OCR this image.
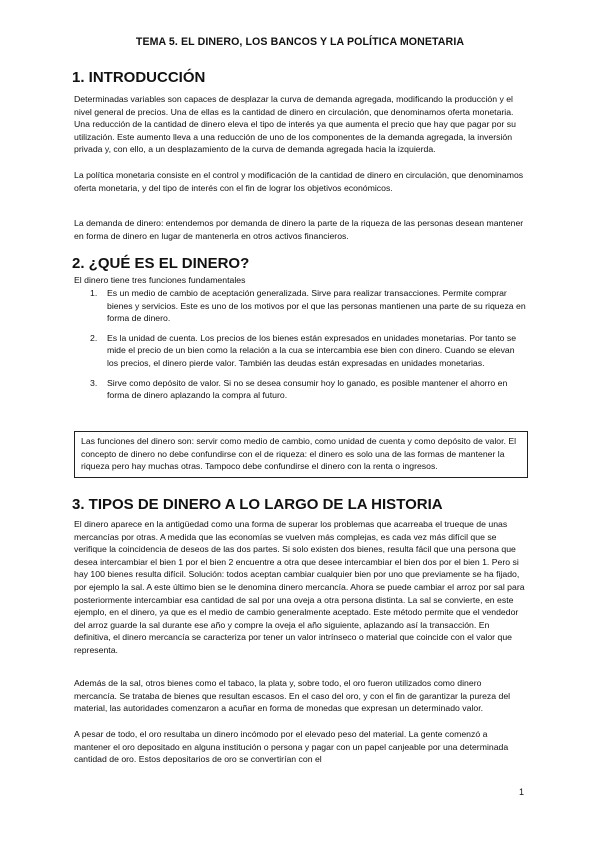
TEMA 5. EL DINERO, LOS BANCOS Y LA POLÍTICA MONETARIA
1. INTRODUCCIÓN

Determinadas variables son capaces de desplazar la curva de demanda agregada, modificando la producción y el nivel general de precios. Una de ellas es la cantidad de dinero en circulación, que denominamos oferta monetaria. Una reducción de la cantidad de dinero eleva el tipo de interés ya que aumenta el precio que hay que pagar por su utilización. Este aumento lleva a una reducción de uno de los componentes de la demanda agregada, la inversión privada y, con ello, a un desplazamiento de la curva de demanda agregada hacia la izquierda.

La política monetaria consiste en el control y modificación de la cantidad de dinero en circulación, que denominamos oferta monetaria, y del tipo de interés con el fin de lograr los objetivos económicos.

La demanda de dinero: entendemos por demanda de dinero la parte de la riqueza de las personas desean mantener en forma de dinero en lugar de mantenerla en otros activos financieros.

2. ¿QUÉ ES EL DINERO?

El dinero tiene tres funciones fundamentales

1. Es un medio de cambio de aceptación generalizada. Sirve para realizar transacciones. Permite comprar bienes y servicios. Este es uno de los motivos por el que las personas mantienen una parte de su riqueza en forma de dinero.
2. Es la unidad de cuenta. Los precios de los bienes están expresados en unidades monetarias. Por tanto se mide el precio de un bien como la relación a la cua se intercambia ese bien con dinero. Cuando se elevan los precios, el dinero pierde valor. También las deudas están expresadas en unidades monetarias.
3. Sirve como depósito de valor. Si no se desea consumir hoy lo ganado, es posible mantener el ahorro en forma de dinero aplazando la compra al futuro.
Las funciones del dinero son: servir como medio de cambio, como unidad de cuenta y como depósito de valor. El concepto de dinero no debe confundirse con el de riqueza: el dinero es solo una de las formas de mantener la riqueza pero hay muchas otras. Tampoco debe confundirse el dinero con la renta o ingresos.
3. TIPOS DE DINERO A LO LARGO DE LA HISTORIA

El dinero aparece en la antigüedad como una forma de superar los problemas que acarreaba el trueque de unas mercancías por otras. A medida que las economías se vuelven más complejas, es cada vez más difícil que se verifique la coincidencia de deseos de las dos partes. Si solo existen dos bienes, resulta fácil que una persona que desea intercambiar el bien 1 por el bien 2 encuentre a otra que desee intercambiar el bien dos por el bien 1. Pero si hay 100 bienes resulta difícil. Solución: todos aceptan cambiar cualquier bien por uno que previamente se ha fijado, por ejemplo la sal. A este último bien se le denomina dinero mercancía. Ahora se puede cambiar el arroz por sal para posteriormente intercambiar esa cantidad de sal por una oveja a otra persona distinta. La sal se convierte, en este ejemplo, en el dinero, ya que es el medio de cambio generalmente aceptado. Este método permite que el vendedor del arroz guarde la sal durante ese año y compre la oveja el año siguiente, aplazando así la transacción. En definitiva, el dinero mercancía se caracteriza por tener un valor intrínseco o material que coincide con el valor que representa.

Además de la sal, otros bienes como el tabaco, la plata y, sobre todo, el oro fueron utilizados como dinero mercancía. Se trataba de bienes que resultan escasos. En el caso del oro, y con el fin de garantizar la pureza del material, las autoridades comenzaron a acuñar en forma de monedas que expresan un determinado valor.

A pesar de todo, el oro resultaba un dinero incómodo por el elevado peso del material. La gente comenzó a mantener el oro depositado en alguna institución o persona y pagar con un papel canjeable por una determinada cantidad de oro. Estos depositarios de oro se convertirían con el

1
